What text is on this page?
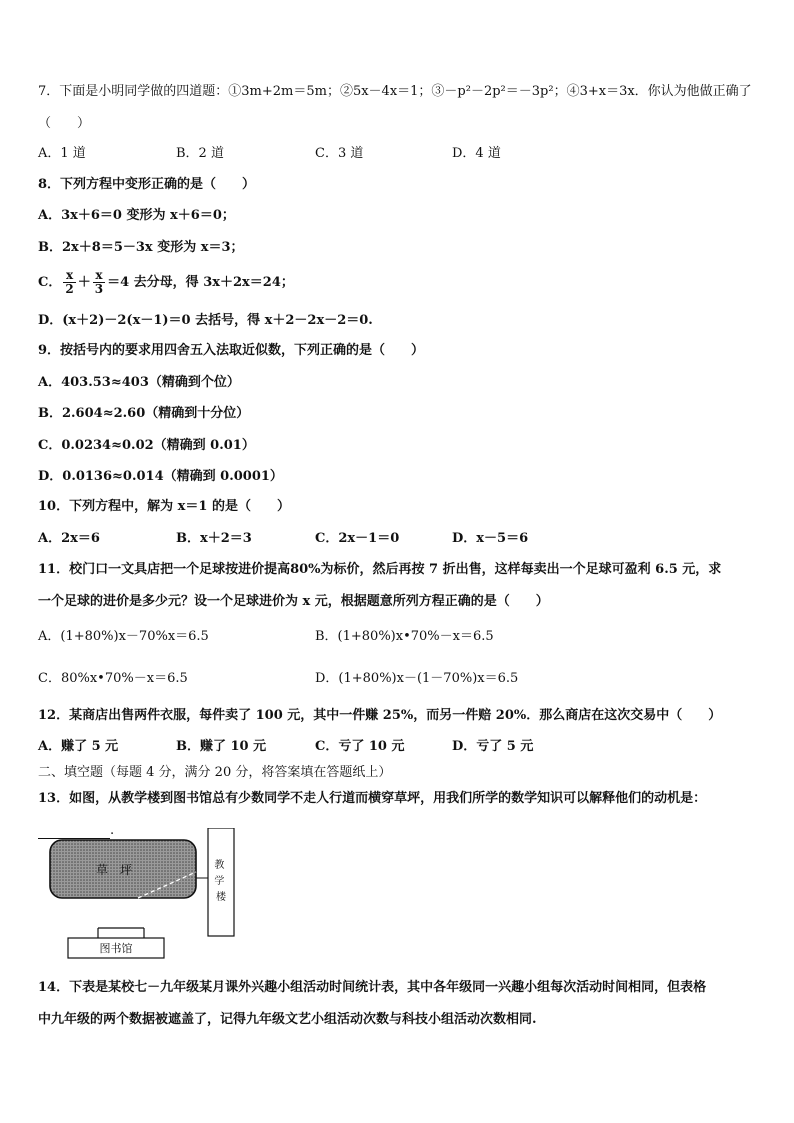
7．下面是小明同学做的四道题：①3m+2m＝5m；②5x－4x＝1；③－p²－2p²＝－3p²；④3+x＝3x．你认为他做正确了
（　　）
A．1 道	B．2 道	C．3 道	D．4 道
8．下列方程中变形正确的是（　　）
A．3x＋6＝0 变形为 x＋6＝0；
B．2x＋8＝5－3x 变形为 x＝3；
C． $\frac{x}{2} + \frac{x}{3} =4$ 去分母，得 3x＋2x＝24；
D．(x＋2)－2(x－1)＝0 去括号，得 x＋2－2x－2＝0.
9．按括号内的要求用四舍五入法取近似数，下列正确的是（　　）
A．403.53≈403（精确到个位）
B．2.604≈2.60（精确到十分位）
C．0.0234≈0.02（精确到 0.01）
D．0.0136≈0.014（精确到 0.0001）
10．下列方程中，解为 x＝1 的是（　　）
A．2x＝6	B．x＋2＝3	C．2x－1＝0	D．x－5＝6
11．校门口一文具店把一个足球按进价提高80%为标价，然后再按 7 折出售，这样每卖出一个足球可盈利 6.5 元，求
一个足球的进价是多少元？设一个足球进价为 x 元，根据题意所列方程正确的是（　　）
A．(1+80%)x－70%x＝6.5	B．(1+80%)x•70%－x＝6.5
C．80%x•70%－x＝6.5	D．(1+80%)x－(1－70%)x＝6.5
12．某商店出售两件衣服，每件卖了 100 元，其中一件赚 25%，而另一件赔 20%．那么商店在这次交易中（　　）
A．赚了 5 元	B．赚了 10 元	C．亏了 10 元	D．亏了 5 元
二、填空题（每题 4 分，满分 20 分，将答案填在答题纸上）
13．如图，从教学楼到图书馆总有少数同学不走人行道而横穿草坪，用我们所学的数学知识可以解释他们的动机是：
.
草　坪	教 学 楼
图书馆
14．下表是某校七－九年级某月课外兴趣小组活动时间统计表，其中各年级同一兴趣小组每次活动时间相同，但表格
中九年级的两个数据被遮盖了，记得九年级文艺小组活动次数与科技小组活动次数相同.
